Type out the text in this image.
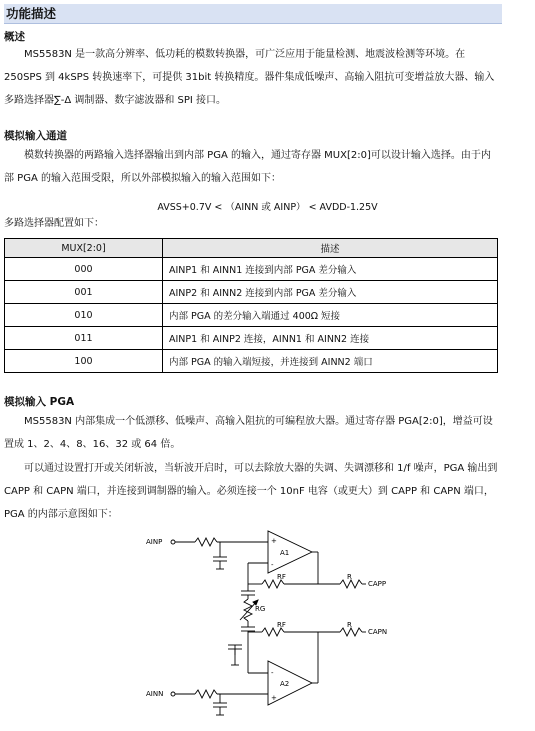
功能描述
概述

MS5583N 是一款高分辨率、低功耗的模数转换器，可广泛应用于能量检测、地震波检测等环境。在 250SPS 到 4kSPS 转换速率下，可提供 31bit 转换精度。器件集成低噪声、高输入阻抗可变增益放大器、输入多路选择器∑-Δ 调制器、数字滤波器和 SPI 接口。

模拟输入通道

模数转换器的两路输入选择器输出到内部 PGA 的输入，通过寄存器 MUX[2:0]可以设计输入选择。由于内部 PGA 的输入范围受限，所以外部模拟输入的输入范围如下：

AVSS+0.7V < （AINN 或 AINP） < AVDD-1.25V
多路选择器配置如下：
MUX[2:0]	描述
000	AINP1 和 AINN1 连接到内部 PGA 差分输入
001	AINP2 和 AINN2 连接到内部 PGA 差分输入
010	内部 PGA 的差分输入端通过 400Ω 短接
011	AINP1 和 AINP2 连接，AINN1 和 AINN2 连接
100	内部 PGA 的输入端短接，并连接到 AINN2 端口
模拟输入 PGA

MS5583N 内部集成一个低漂移、低噪声、高输入阻抗的可编程放大器。通过寄存器 PGA[2:0]，增益可设置成 1、2、4、8、16、32 或 64 倍。

可以通过设置打开或关闭斩波，当斩波开启时，可以去除放大器的失调、失调漂移和 1/f 噪声，PGA 输出到 CAPP 和 CAPN 端口，并连接到调制器的输入。必须连接一个 10nF 电容（或更大）到 CAPP 和 CAPN 端口，PGA 的内部示意图如下：

AINP	+
-
A1
RF	R
CAPP
RG
RF	R
CAPN
-
+
A2
AINN
